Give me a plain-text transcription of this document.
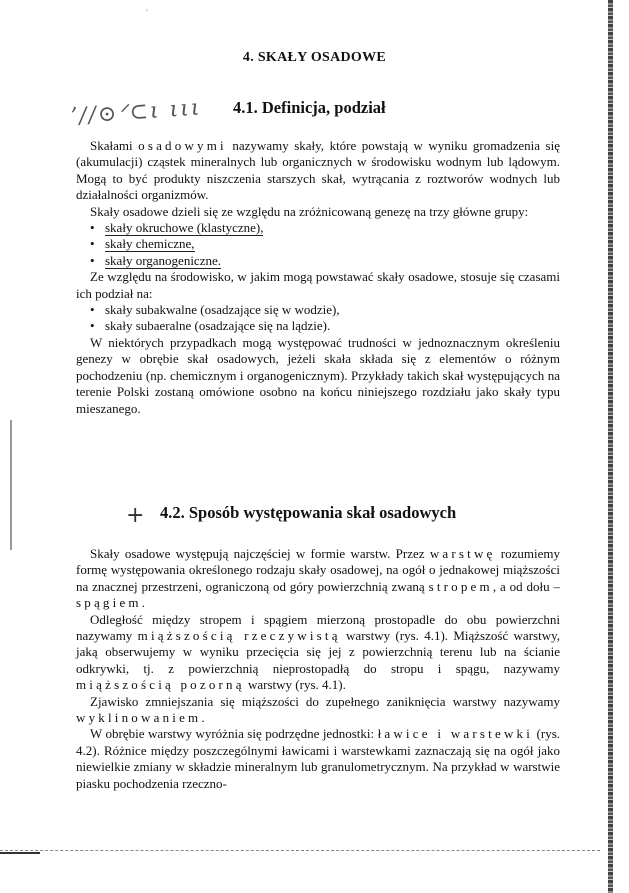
'
4. SKAŁY OSADOWE
ʼ//⊙ᐟ⊂ι ιιι 4.1. Definicja, podział

Skałami osadowymi nazywamy skały, które powstają w wyniku gromadzenia się (akumulacji) cząstek mineralnych lub organicznych w środowisku wodnym lub lądowym. Mogą to być produkty niszczenia starszych skał, wytrącania z roztworów wodnych lub działalności organizmów.

Skały osadowe dzieli się ze względu na zróżnicowaną genezę na trzy główne grupy:

• skały okruchowe (klastyczne),
• skały chemiczne,
• skały organogeniczne.

Ze względu na środowisko, w jakim mogą powstawać skały osadowe, stosuje się czasami ich podział na:

• skały subakwalne (osadzające się w wodzie),
• skały subaeralne (osadzające się na lądzie).

W niektórych przypadkach mogą występować trudności w jednoznacznym określeniu genezy w obrębie skał osadowych, jeżeli skała składa się z elementów o różnym pochodzeniu (np. chemicznym i organogenicznym). Przykłady takich skał występujących na terenie Polski zostaną omówione osobno na końcu niniejszego rozdziału jako skały typu mieszanego.

+ 4.2. Sposób występowania skał osadowych

Skały osadowe występują najczęściej w formie warstw. Przez warstwę rozumiemy formę występowania określonego rodzaju skały osadowej, na ogół o jednakowej miąższości na znacznej przestrzeni, ograniczoną od góry powierzchnią zwaną stropem, a od dołu – spągiem.

Odległość między stropem i spągiem mierzoną prostopadle do obu powierzchni nazywamy miąższością rzeczywistą warstwy (rys. 4.1). Miąższość warstwy, jaką obserwujemy w wyniku przecięcia się jej z powierzchnią terenu lub na ścianie odkrywki, tj. z powierzchnią nieprostopadłą do stropu i spągu, nazywamy miąższością pozorną warstwy (rys. 4.1).

Zjawisko zmniejszania się miąższości do zupełnego zaniknięcia warstwy nazywamy wyklinowaniem.

W obrębie warstwy wyróżnia się podrzędne jednostki: ławice i warstewki (rys. 4.2). Różnice między poszczególnymi ławicami i warstewkami zaznaczają się na ogół jako niewielkie zmiany w składzie mineralnym lub granulometrycznym. Na przykład w warstwie piasku pochodzenia rzeczno-
